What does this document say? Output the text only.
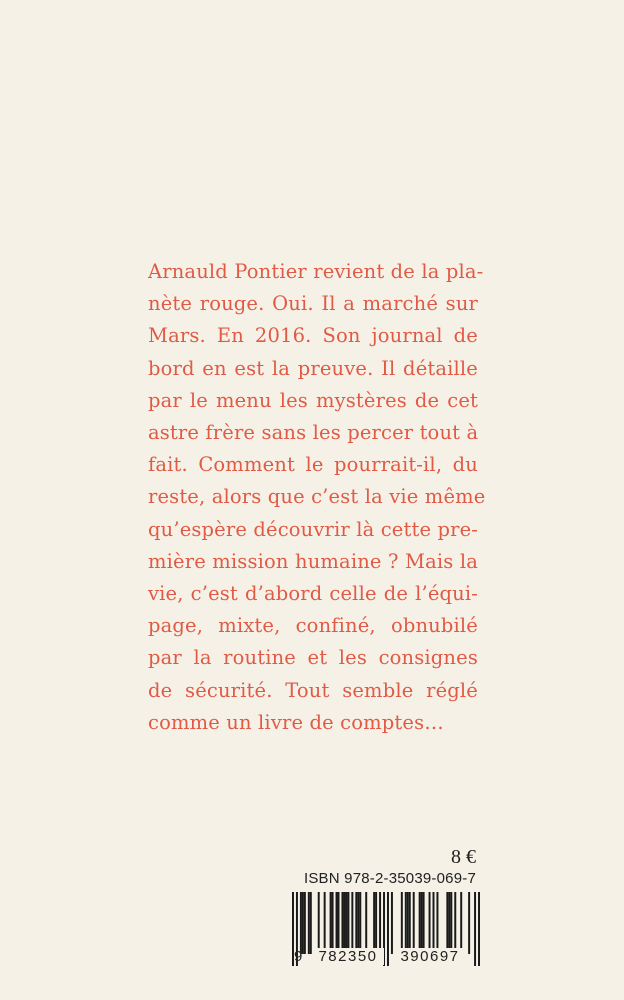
Arnauld Pontier revient de la pla-
nète rouge. Oui. Il a marché sur
Mars. En 2016. Son journal de
bord en est la preuve. Il détaille
par le menu les mystères de cet
astre frère sans les percer tout à
fait. Comment le pourrait-il, du
reste, alors que c’est la vie même
qu’espère découvrir là cette pre-
mière mission humaine ? Mais la
vie, c’est d’abord celle de l’équi-
page, mixte, confiné, obnubilé
par la routine et les consignes
de sécurité. Tout semble réglé
comme un livre de comptes…
8 €
ISBN 978-2-35039-069-7
9	782350	390697
